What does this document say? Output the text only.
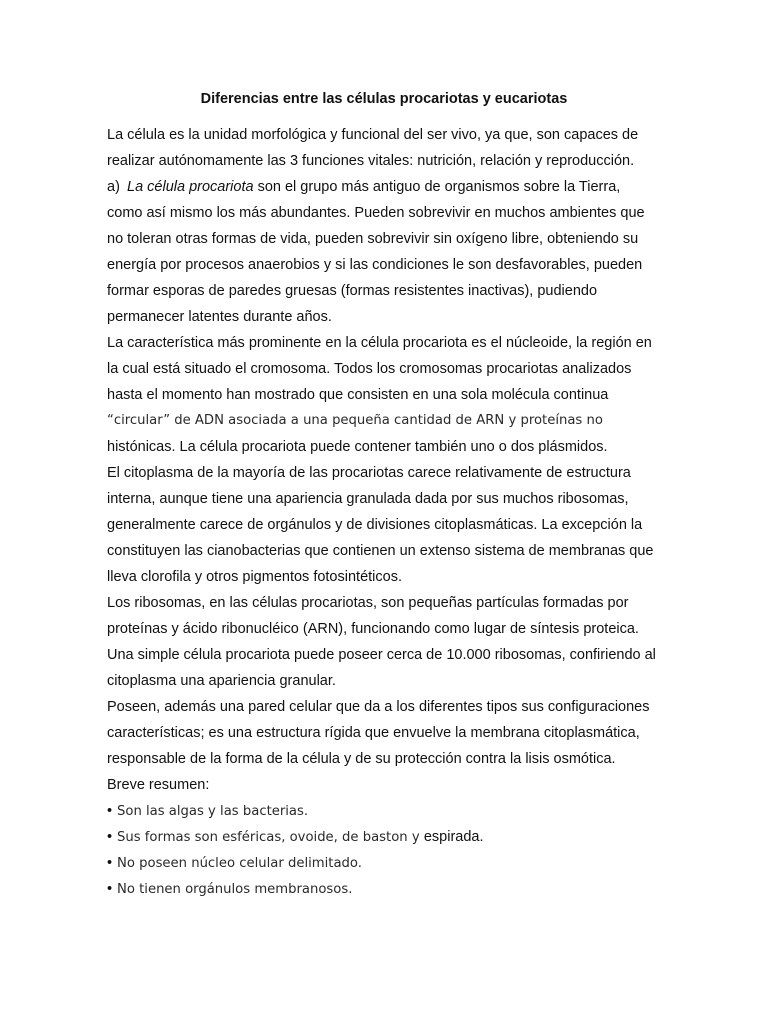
Diferencias entre las células procariotas y eucariotas
La célula es la unidad morfológica y funcional del ser vivo, ya que, son capaces de
realizar autónomamente las 3 funciones vitales: nutrición, relación y reproducción.
a) La célula procariota son el grupo más antiguo de organismos sobre la Tierra,
como así mismo los más abundantes. Pueden sobrevivir en muchos ambientes que
no toleran otras formas de vida, pueden sobrevivir sin oxígeno libre, obteniendo su
energía por procesos anaerobios y si las condiciones le son desfavorables, pueden
formar esporas de paredes gruesas (formas resistentes inactivas), pudiendo
permanecer latentes durante años.
La característica más prominente en la célula procariota es el núcleoide, la región en
la cual está situado el cromosoma. Todos los cromosomas procariotas analizados
hasta el momento han mostrado que consisten en una sola molécula continua
“circular” de ADN asociada a una pequeña cantidad de ARN y proteínas no
histónicas. La célula procariota puede contener también uno o dos plásmidos.
El citoplasma de la mayoría de las procariotas carece relativamente de estructura
interna, aunque tiene una apariencia granulada dada por sus muchos ribosomas,
generalmente carece de orgánulos y de divisiones citoplasmáticas. La excepción la
constituyen las cianobacterias que contienen un extenso sistema de membranas que
lleva clorofila y otros pigmentos fotosintéticos.
Los ribosomas, en las células procariotas, son pequeñas partículas formadas por
proteínas y ácido ribonucléico (ARN), funcionando como lugar de síntesis proteica.
Una simple célula procariota puede poseer cerca de 10.000 ribosomas, confiriendo al
citoplasma una apariencia granular.
Poseen, además una pared celular que da a los diferentes tipos sus configuraciones
características; es una estructura rígida que envuelve la membrana citoplasmática,
responsable de la forma de la célula y de su protección contra la lisis osmótica.
Breve resumen:
• Son las algas y las bacterias.
• Sus formas son esféricas, ovoide, de baston y espirada.
• No poseen núcleo celular delimitado.
• No tienen orgánulos membranosos.
